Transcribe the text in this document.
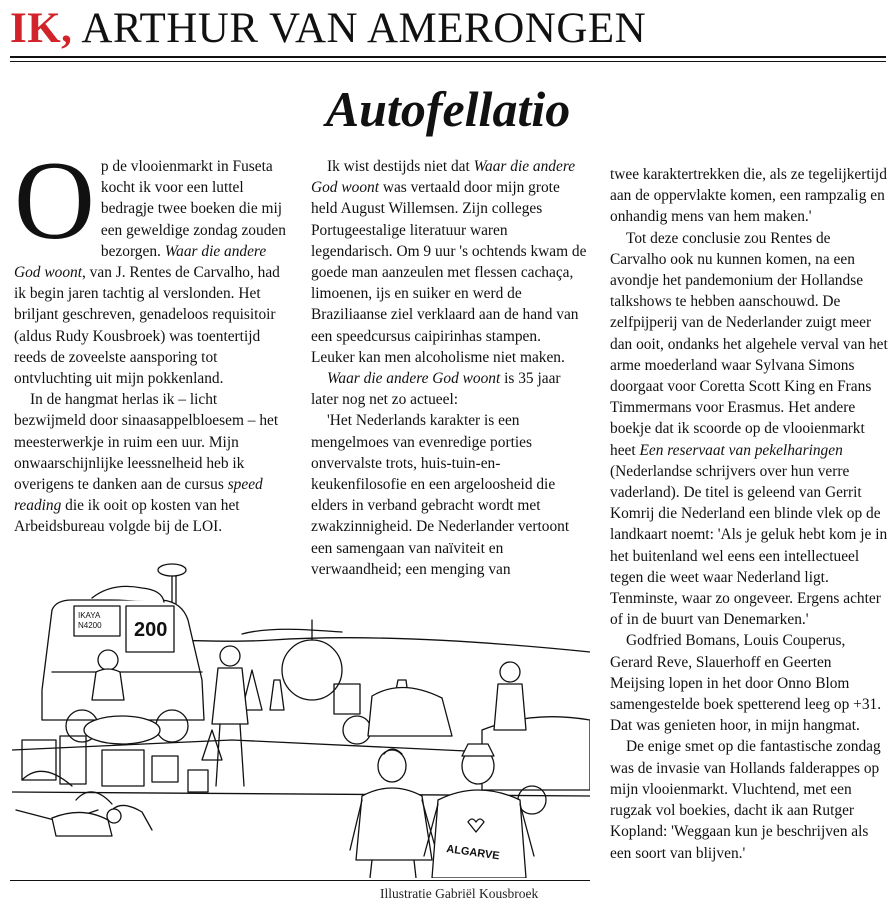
IK, ARTHUR VAN AMERONGEN
Autofellatio

Op de vlooienmarkt in Fuseta kocht ik voor een luttel bedragje twee boeken die mij een geweldige zondag zouden bezorgen. Waar die andere God woont, van J. Rentes de Carvalho, had ik begin jaren tachtig al verslonden. Het briljant geschreven, genadeloos requisitoir (aldus Rudy Kousbroek) was toentertijd reeds de zoveelste aansporing tot ontvluchting uit mijn pokkenland.

In de hangmat herlas ik – licht bezwijmeld door sinaasappelbloesem – het meesterwerkje in ruim een uur. Mijn onwaarschijnlijke leessnelheid heb ik overigens te danken aan de cursus speed reading die ik ooit op kosten van het Arbeidsbureau volgde bij de LOI.

Ik wist destijds niet dat Waar die andere God woont was vertaald door mijn grote held August Willemsen. Zijn colleges Portugeestalige literatuur waren legendarisch. Om 9 uur 's ochtends kwam de goede man aanzeulen met flessen cachaça, limoenen, ijs en suiker en werd de Braziliaanse ziel verklaard aan de hand van een speedcursus caipirinhas stampen. Leuker kan men alcoholisme niet maken.

Waar die andere God woont is 35 jaar later nog net zo actueel:

'Het Nederlands karakter is een mengelmoes van evenredige porties onvervalste trots, huis-tuin-en-keukenfilosofie en een argeloosheid die elders in verband gebracht wordt met zwakzinnigheid. De Nederlander vertoont een samengaan van naïviteit en verwaandheid; een menging van

twee karaktertrekken die, als ze tegelijkertijd aan de oppervlakte komen, een rampzalig en onhandig mens van hem maken.'

Tot deze conclusie zou Rentes de Carvalho ook nu kunnen komen, na een avondje het pandemonium der Hollandse talkshows te hebben aanschouwd. De zelfpijperij van de Nederlander zuigt meer dan ooit, ondanks het algehele verval van het arme moederland waar Sylvana Simons doorgaat voor Coretta Scott King en Frans Timmermans voor Erasmus. Het andere boekje dat ik scoorde op de vlooienmarkt heet Een reservaat van pekelharingen (Nederlandse schrijvers over hun verre vaderland). De titel is geleend van Gerrit Komrij die Nederland een blinde vlek op de landkaart noemt: 'Als je geluk hebt kom je in het buitenland wel eens een intellectueel tegen die weet waar Nederland ligt. Tenminste, waar zo ongeveer. Ergens achter of in de buurt van Denemarken.'

Godfried Bomans, Louis Couperus, Gerard Reve, Slauerhoff en Geerten Meijsing lopen in het door Onno Blom samengestelde boek spetterend leeg op +31. Dat was genieten hoor, in mijn hangmat.

De enige smet op die fantastische zondag was de invasie van Hollands falderappes op mijn vlooienmarkt. Vluchtend, met een rugzak vol boekies, dacht ik aan Rutger Kopland: 'Weggaan kun je beschrijven als een soort van blijven.'

IKAYA
N4200 200
ALGARVE
Illustratie Gabriël Kousbroek
